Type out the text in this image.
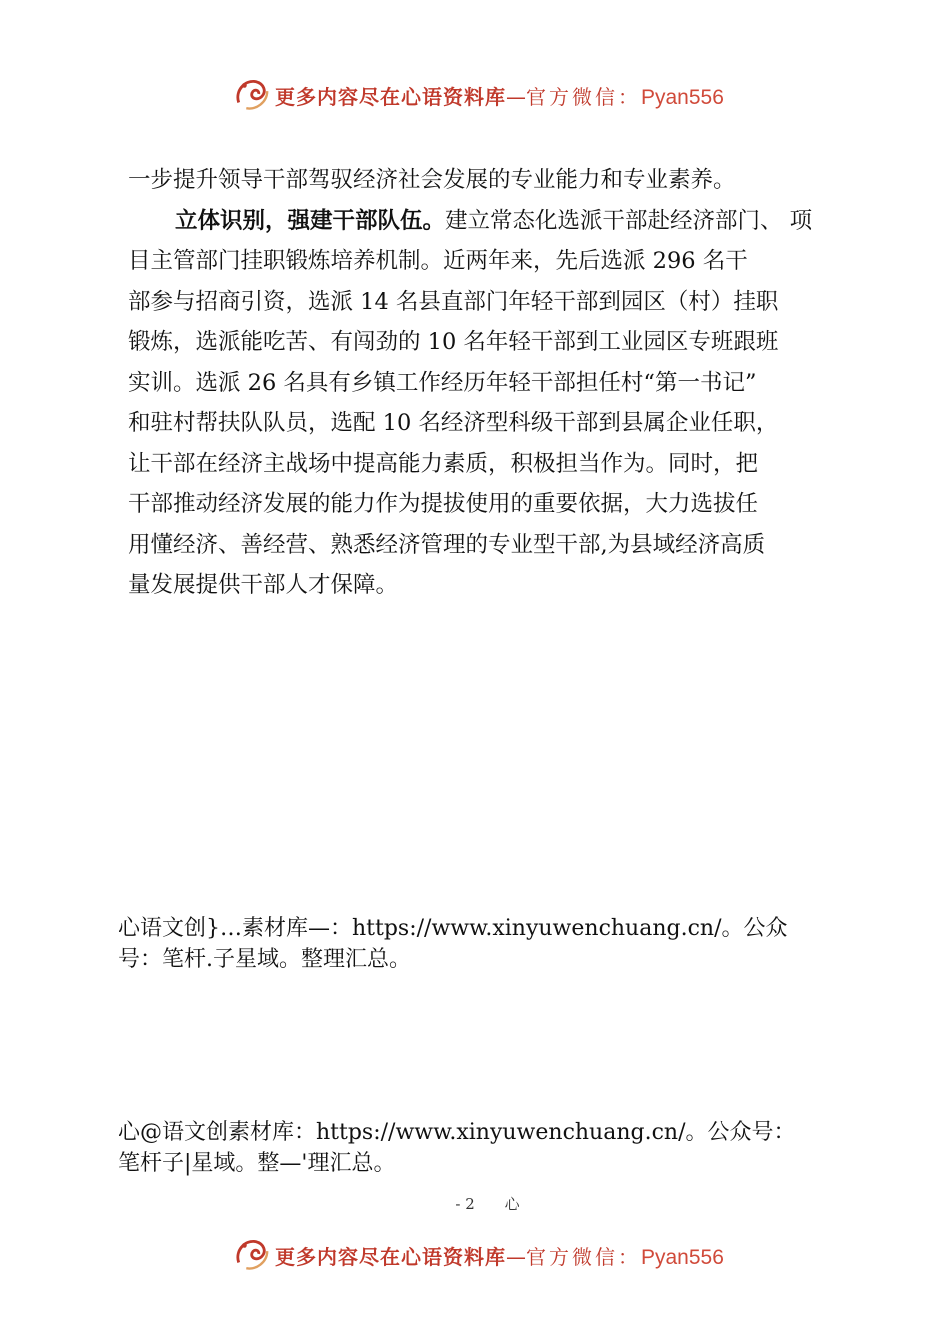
更多内容尽在心语资料库—官方微信：Pyan556
一步提升领导干部驾驭经济社会发展的专业能力和专业素养。
立体识别，强建干部队伍。建立常态化选派干部赴经济部门、 项
目主管部门挂职锻炼培养机制。近两年来，先后选派 296 名干
部参与招商引资，选派 14 名县直部门年轻干部到园区（村）挂职
锻炼，选派能吃苦、有闯劲的 10 名年轻干部到工业园区专班跟班
实训。选派 26 名具有乡镇工作经历年轻干部担任村“第一书记”
和驻村帮扶队队员，选配 10 名经济型科级干部到县属企业任职，
让干部在经济主战场中提高能力素质，积极担当作为。同时，把
干部推动经济发展的能力作为提拔使用的重要依据，大力选拔任
用懂经济、善经营、熟悉经济管理的专业型干部,为县域经济高质
量发展提供干部人才保障。
心语文创}…素材库—：https://www.xinyuwenchuang.cn/。公众
号：笔杆.子星域。整理汇总。
心@语文创素材库：https://www.xinyuwenchuang.cn/。公众号：
笔杆子|星域。整—'理汇总。
- 2 心
更多内容尽在心语资料库—官方微信：Pyan556
